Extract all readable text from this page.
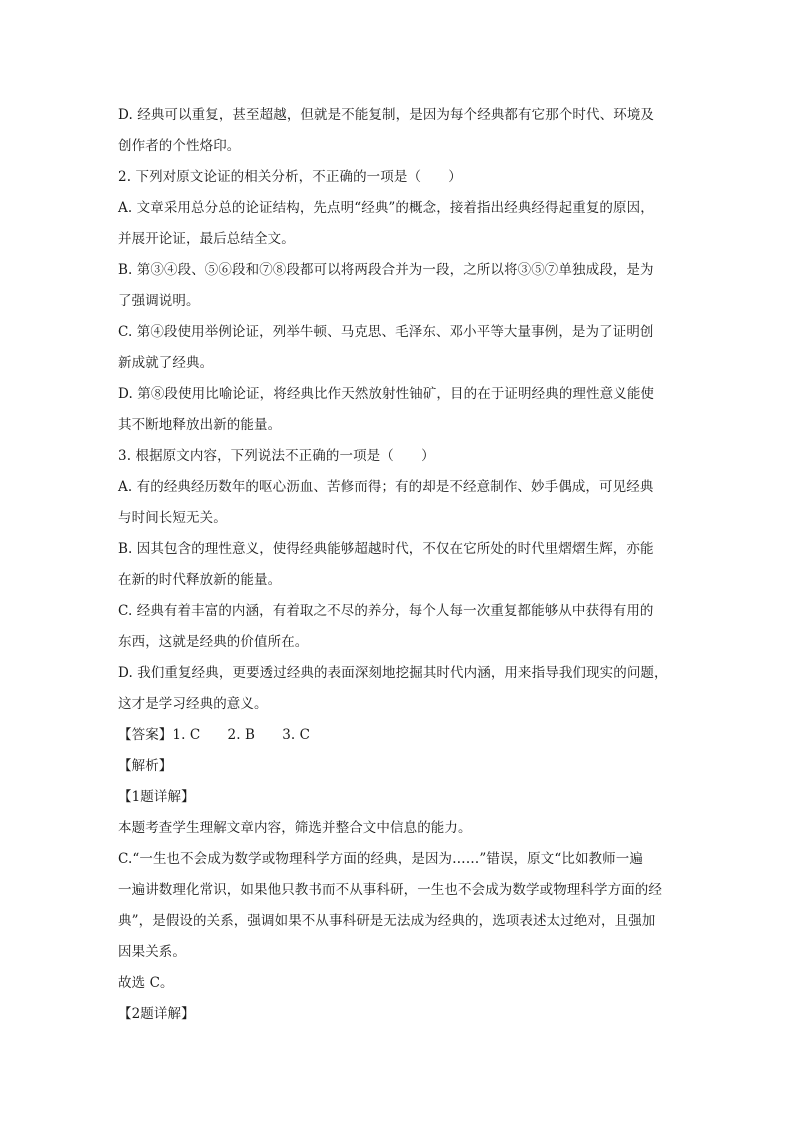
D. 经典可以重复，甚至超越，但就是不能复制，是因为每个经典都有它那个时代、环境及
创作者的个性烙印。
2. 下列对原文论证的相关分析，不正确的一项是（　　）
A. 文章采用总分总的论证结构，先点明“经典”的概念，接着指出经典经得起重复的原因，
并展开论证，最后总结全文。
B. 第③④段、⑤⑥段和⑦⑧段都可以将两段合并为一段，之所以将③⑤⑦单独成段，是为
了强调说明。
C. 第④段使用举例论证，列举牛顿、马克思、毛泽东、邓小平等大量事例，是为了证明创
新成就了经典。
D. 第⑧段使用比喻论证，将经典比作天然放射性铀矿，目的在于证明经典的理性意义能使
其不断地释放出新的能量。
3. 根据原文内容，下列说法不正确的一项是（　　）
A. 有的经典经历数年的呕心沥血、苦修而得；有的却是不经意制作、妙手偶成，可见经典
与时间长短无关。
B. 因其包含的理性意义，使得经典能够超越时代，不仅在它所处的时代里熠熠生辉，亦能
在新的时代释放新的能量。
C. 经典有着丰富的内涵，有着取之不尽的养分，每个人每一次重复都能够从中获得有用的
东西，这就是经典的价值所在。
D. 我们重复经典，更要透过经典的表面深刻地挖掘其时代内涵，用来指导我们现实的问题，
这才是学习经典的意义。
【答案】1. C　　2. B　　3. C
【解析】
【1题详解】
本题考查学生理解文章内容，筛选并整合文中信息的能力。
C.“一生也不会成为数学或物理科学方面的经典，是因为……”错误，原文“比如教师一遍
一遍讲数理化常识，如果他只教书而不从事科研，一生也不会成为数学或物理科学方面的经
典”，是假设的关系，强调如果不从事科研是无法成为经典的，选项表述太过绝对，且强加
因果关系。
故选 C。
【2题详解】
